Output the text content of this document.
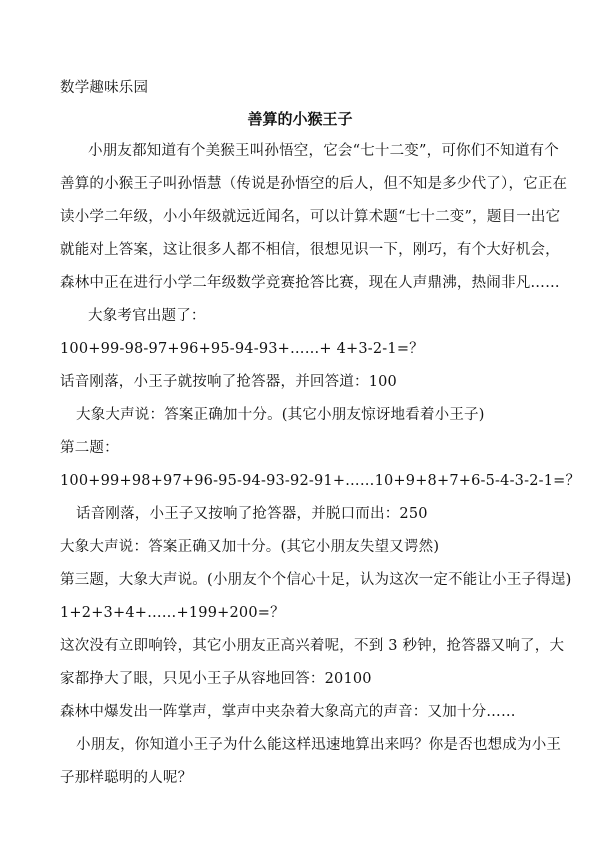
数学趣味乐园
善算的小猴王子
小朋友都知道有个美猴王叫孙悟空，它会“七十二变”，可你们不知道有个
善算的小猴王子叫孙悟慧（传说是孙悟空的后人，但不知是多少代了），它正在
读小学二年级，小小年级就远近闻名，可以计算术题“七十二变”，题目一出它
就能对上答案，这让很多人都不相信，很想见识一下，刚巧，有个大好机会，
森林中正在进行小学二年级数学竞赛抢答比赛，现在人声鼎沸，热闹非凡……
大象考官出题了：
100+99-98-97+96+95-94-93+……+ 4+3-2-1=？
话音刚落，小王子就按响了抢答器，并回答道：100
大象大声说：答案正确加十分。(其它小朋友惊讶地看着小王子)
第二题：
100+99+98+97+96-95-94-93-92-91+……10+9+8+7+6-5-4-3-2-1=？
话音刚落，小王子又按响了抢答器，并脱口而出：250
大象大声说：答案正确又加十分。(其它小朋友失望又谔然)
第三题，大象大声说。(小朋友个个信心十足，认为这次一定不能让小王子得逞)
1+2+3+4+……+199+200=？
这次没有立即响铃，其它小朋友正高兴着呢，不到 3 秒钟，抢答器又响了，大
家都挣大了眼，只见小王子从容地回答：20100
森林中爆发出一阵掌声，掌声中夹杂着大象高亢的声音：又加十分……
小朋友，你知道小王子为什么能这样迅速地算出来吗？你是否也想成为小王
子那样聪明的人呢？
